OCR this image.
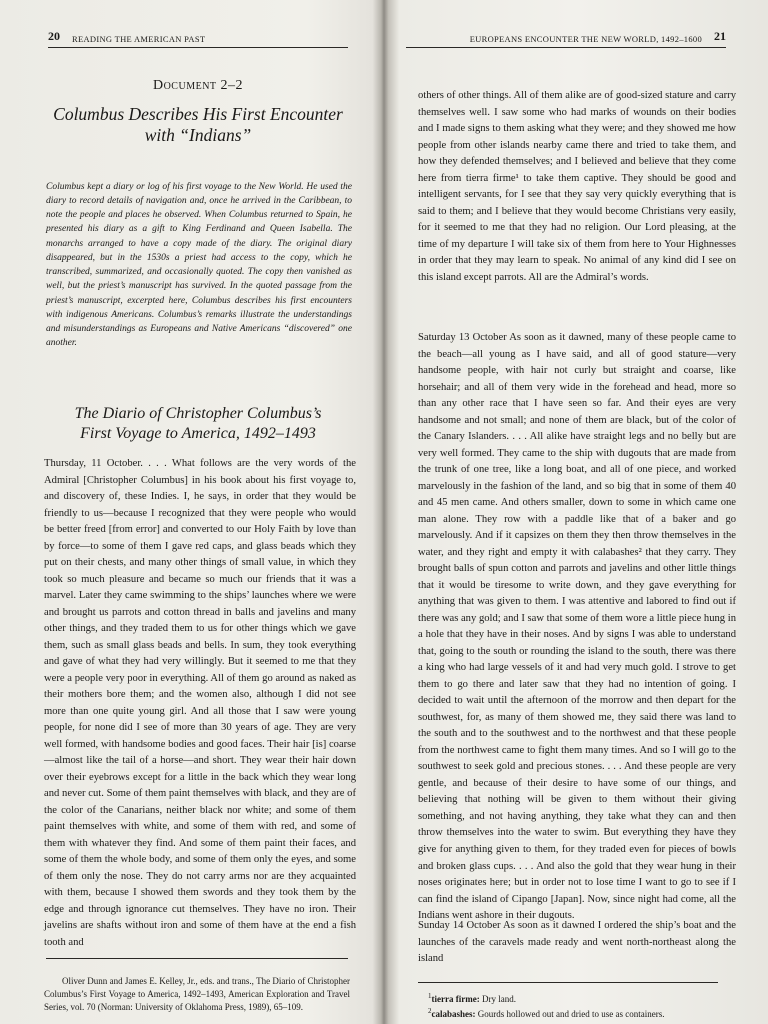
20 READING THE AMERICAN PAST
Document 2–2
Columbus Describes His First Encounter
with “Indians”

Columbus kept a diary or log of his first voyage to the New World. He used the diary to record details of navigation and, once he arrived in the Caribbean, to note the people and places he observed. When Columbus returned to Spain, he presented his diary as a gift to King Ferdinand and Queen Isabella. The monarchs arranged to have a copy made of the diary. The original diary disappeared, but in the 1530s a priest had access to the copy, which he transcribed, summarized, and occasionally quoted. The copy then vanished as well, but the priest’s manuscript has survived. In the quoted passage from the priest’s manuscript, excerpted here, Columbus describes his first encounters with indigenous Americans. Columbus’s remarks illustrate the understandings and misunderstandings as Europeans and Native Americans “discovered” one another.

The Diario of Christopher Columbus’s
First Voyage to America, 1492–1493

Thursday, 11 October. . . . What follows are the very words of the Admiral [Christopher Columbus] in his book about his first voyage to, and discovery of, these Indies. I, he says, in order that they would be friendly to us—because I recognized that they were people who would be better freed [from error] and converted to our Holy Faith by love than by force—to some of them I gave red caps, and glass beads which they put on their chests, and many other things of small value, in which they took so much pleasure and became so much our friends that it was a marvel. Later they came swimming to the ships’ launches where we were and brought us parrots and cotton thread in balls and javelins and many other things, and they traded them to us for other things which we gave them, such as small glass beads and bells. In sum, they took everything and gave of what they had very willingly. But it seemed to me that they were a people very poor in everything. All of them go around as naked as their mothers bore them; and the women also, although I did not see more than one quite young girl. And all those that I saw were young people, for none did I see of more than 30 years of age. They are very well formed, with handsome bodies and good faces. Their hair [is] coarse—almost like the tail of a horse—and short. They wear their hair down over their eyebrows except for a little in the back which they wear long and never cut. Some of them paint themselves with black, and they are of the color of the Canarians, neither black nor white; and some of them paint themselves with white, and some of them with red, and some of them with whatever they find. And some of them paint their faces, and some of them the whole body, and some of them only the eyes, and some of them only the nose. They do not carry arms nor are they acquainted with them, because I showed them swords and they took them by the edge and through ignorance cut themselves. They have no iron. Their javelins are shafts without iron and some of them have at the end a fish tooth and

Oliver Dunn and James E. Kelley, Jr., eds. and trans., The Diario of Christopher Columbus’s First Voyage to America, 1492–1493, American Exploration and Travel Series, vol. 70 (Norman: University of Oklahoma Press, 1989), 65–109.

EUROPEANS ENCOUNTER THE NEW WORLD, 1492–1600 21

others of other things. All of them alike are of good-sized stature and carry themselves well. I saw some who had marks of wounds on their bodies and I made signs to them asking what they were; and they showed me how people from other islands nearby came there and tried to take them, and how they defended themselves; and I believed and believe that they come here from tierra firme¹ to take them captive. They should be good and intelligent servants, for I see that they say very quickly everything that is said to them; and I believe that they would become Christians very easily, for it seemed to me that they had no religion. Our Lord pleasing, at the time of my departure I will take six of them from here to Your Highnesses in order that they may learn to speak. No animal of any kind did I see on this island except parrots. All are the Admiral’s words.

Saturday 13 October As soon as it dawned, many of these people came to the beach—all young as I have said, and all of good stature—very handsome people, with hair not curly but straight and coarse, like horsehair; and all of them very wide in the forehead and head, more so than any other race that I have seen so far. And their eyes are very handsome and not small; and none of them are black, but of the color of the Canary Islanders. . . . All alike have straight legs and no belly but are very well formed. They came to the ship with dugouts that are made from the trunk of one tree, like a long boat, and all of one piece, and worked marvelously in the fashion of the land, and so big that in some of them 40 and 45 men came. And others smaller, down to some in which came one man alone. They row with a paddle like that of a baker and go marvelously. And if it capsizes on them they then throw themselves in the water, and they right and empty it with calabashes² that they carry. They brought balls of spun cotton and parrots and javelins and other little things that it would be tiresome to write down, and they gave everything for anything that was given to them. I was attentive and labored to find out if there was any gold; and I saw that some of them wore a little piece hung in a hole that they have in their noses. And by signs I was able to understand that, going to the south or rounding the island to the south, there was there a king who had large vessels of it and had very much gold. I strove to get them to go there and later saw that they had no intention of going. I decided to wait until the afternoon of the morrow and then depart for the southwest, for, as many of them showed me, they said there was land to the south and to the southwest and to the northwest and that these people from the northwest came to fight them many times. And so I will go to the southwest to seek gold and precious stones. . . . And these people are very gentle, and because of their desire to have some of our things, and believing that nothing will be given to them without their giving something, and not having anything, they take what they can and then throw themselves into the water to swim. But everything they have they give for anything given to them, for they traded even for pieces of bowls and broken glass cups. . . . And also the gold that they wear hung in their noses originates here; but in order not to lose time I want to go to see if I can find the island of Cipango [Japan]. Now, since night had come, all the Indians went ashore in their dugouts.

Sunday 14 October As soon as it dawned I ordered the ship’s boat and the launches of the caravels made ready and went north-northeast along the island

$^1$tierra firme: Dry land.
$^2$calabashes: Gourds hollowed out and dried to use as containers.
